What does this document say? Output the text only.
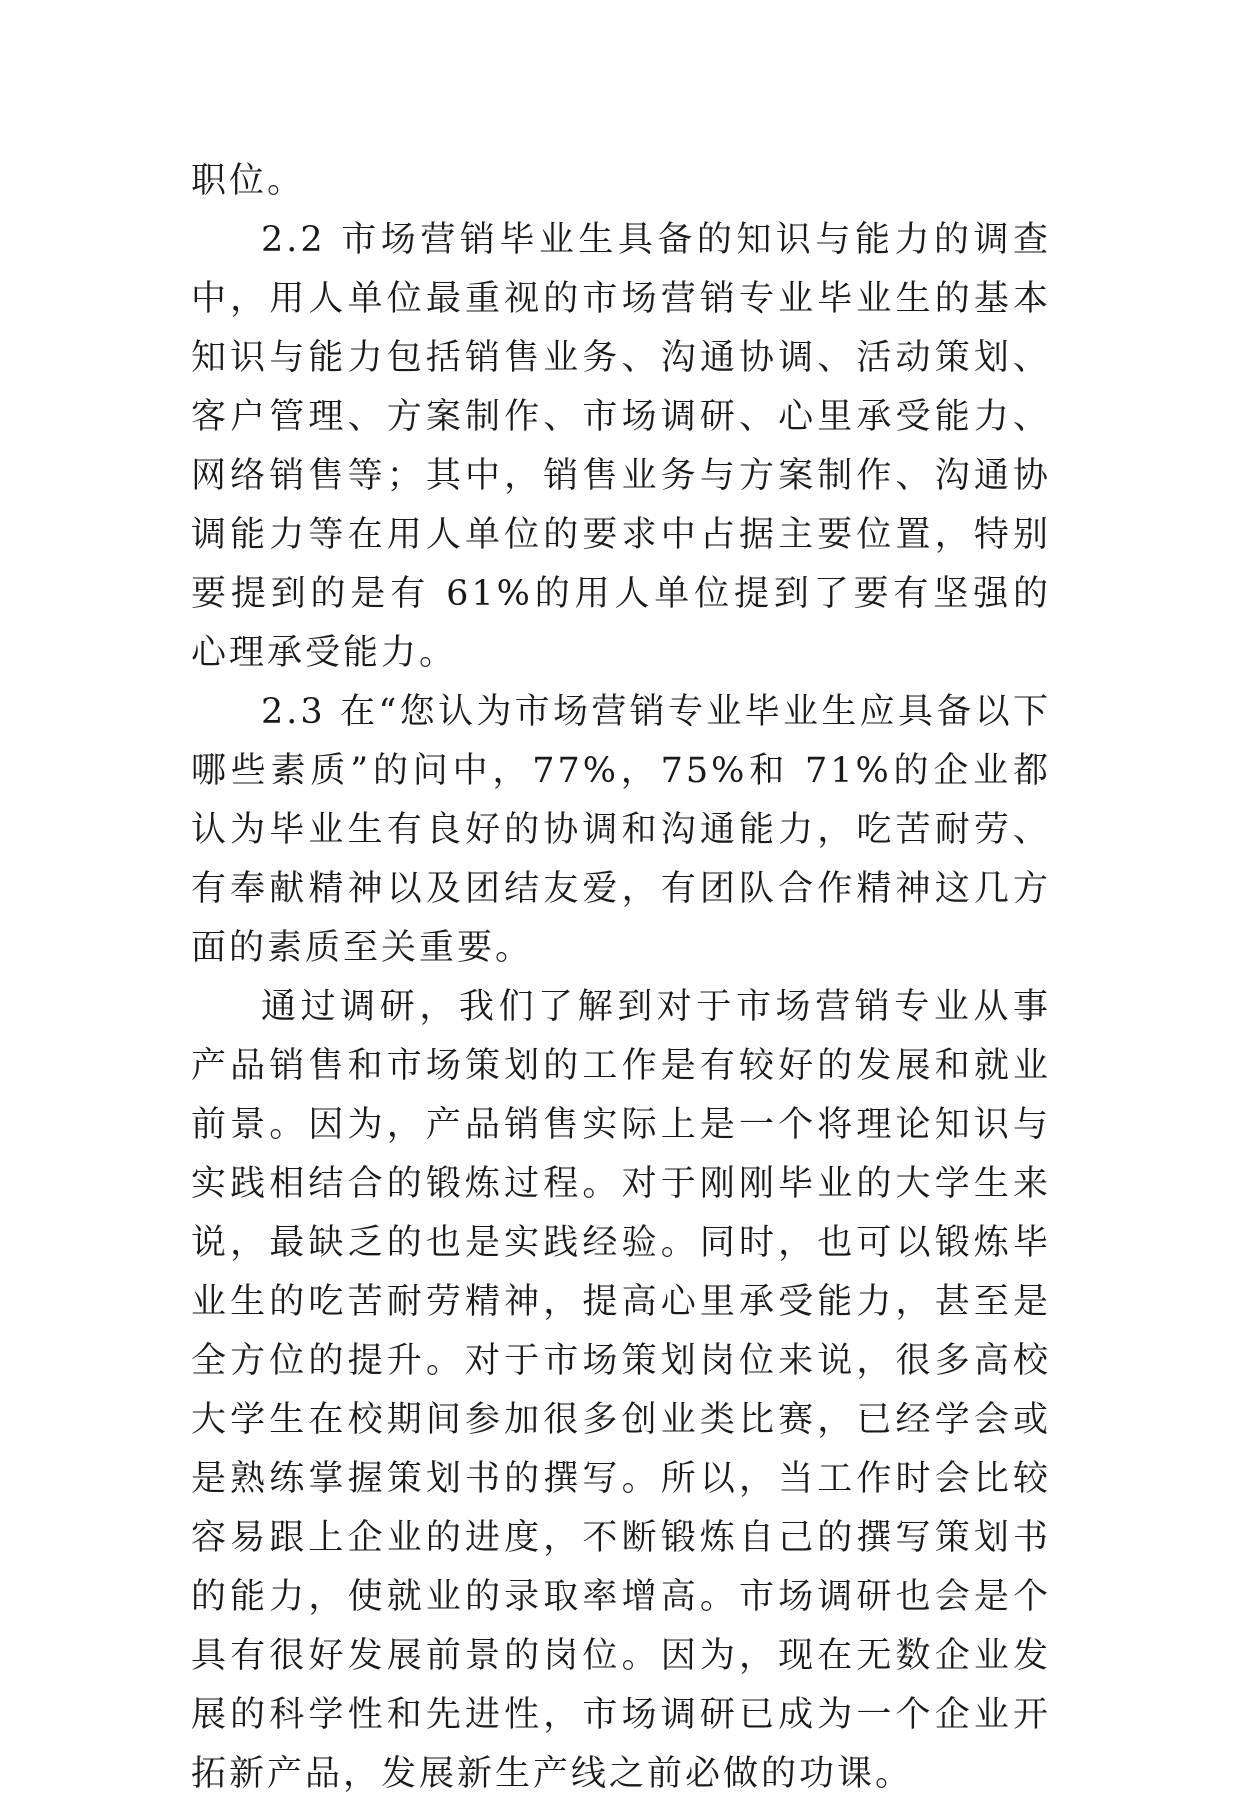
职位。

2.2 市场营销毕业生具备的知识与能力的调查中，用人单位最重视的市场营销专业毕业生的基本知识与能力包括销售业务、沟通协调、活动策划、客户管理、方案制作、市场调研、心里承受能力、网络销售等；其中，销售业务与方案制作、沟通协调能力等在用人单位的要求中占据主要位置，特别要提到的是有 61%的用人单位提到了要有坚强的心理承受能力。

2.3 在“您认为市场营销专业毕业生应具备以下哪些素质”的问中，77%，75%和 71%的企业都认为毕业生有良好的协调和沟通能力，吃苦耐劳、有奉献精神以及团结友爱，有团队合作精神这几方面的素质至关重要。

通过调研，我们了解到对于市场营销专业从事产品销售和市场策划的工作是有较好的发展和就业前景。因为，产品销售实际上是一个将理论知识与实践相结合的锻炼过程。对于刚刚毕业的大学生来说，最缺乏的也是实践经验。同时，也可以锻炼毕业生的吃苦耐劳精神，提高心里承受能力，甚至是全方位的提升。对于市场策划岗位来说，很多高校大学生在校期间参加很多创业类比赛，已经学会或是熟练掌握策划书的撰写。所以，当工作时会比较容易跟上企业的进度，不断锻炼自己的撰写策划书的能力，使就业的录取率增高。市场调研也会是个具有很好发展前景的岗位。因为，现在无数企业发展的科学性和先进性，市场调研已成为一个企业开拓新产品，发展新生产线之前必做的功课。
